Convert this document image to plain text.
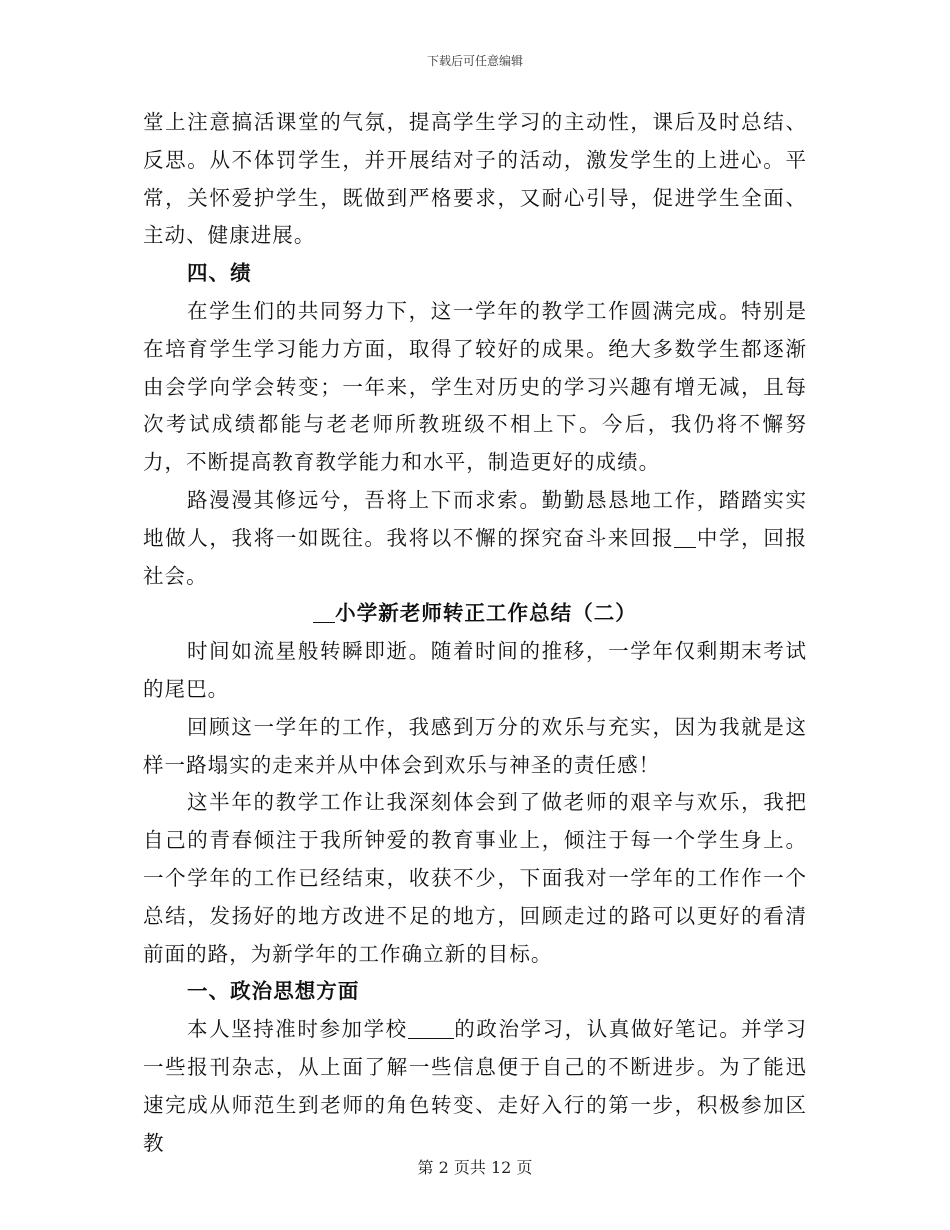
下载后可任意编辑

堂上注意搞活课堂的气氛，提高学生学习的主动性，课后及时总结、反思。从不体罚学生，并开展结对子的活动，激发学生的上进心。平常，关怀爱护学生，既做到严格要求，又耐心引导，促进学生全面、主动、健康进展。

四、绩

在学生们的共同努力下，这一学年的教学工作圆满完成。特别是在培育学生学习能力方面，取得了较好的成果。绝大多数学生都逐渐由会学向学会转变；一年来，学生对历史的学习兴趣有增无减，且每次考试成绩都能与老老师所教班级不相上下。今后，我仍将不懈努力，不断提高教育教学能力和水平，制造更好的成绩。

路漫漫其修远兮，吾将上下而求索。勤勤恳恳地工作，踏踏实实地做人，我将一如既往。我将以不懈的探究奋斗来回报 中学，回报社会。

小学新老师转正工作总结（二）

时间如流星般转瞬即逝。随着时间的推移，一学年仅剩期末考试的尾巴。

回顾这一学年的工作，我感到万分的欢乐与充实，因为我就是这样一路塌实的走来并从中体会到欢乐与神圣的责任感！

这半年的教学工作让我深刻体会到了做老师的艰辛与欢乐，我把自己的青春倾注于我所钟爱的教育事业上，倾注于每一个学生身上。一个学年的工作已经结束，收获不少，下面我对一学年的工作作一个总结，发扬好的地方改进不足的地方，回顾走过的路可以更好的看清前面的路，为新学年的工作确立新的目标。

一、政治思想方面

本人坚持准时参加学校 的政治学习，认真做好笔记。并学习一些报刊杂志，从上面了解一些信息便于自己的不断进步。为了能迅速完成从师范生到老师的角色转变、走好入行的第一步，积极参加区教

第 2 页共 12 页
